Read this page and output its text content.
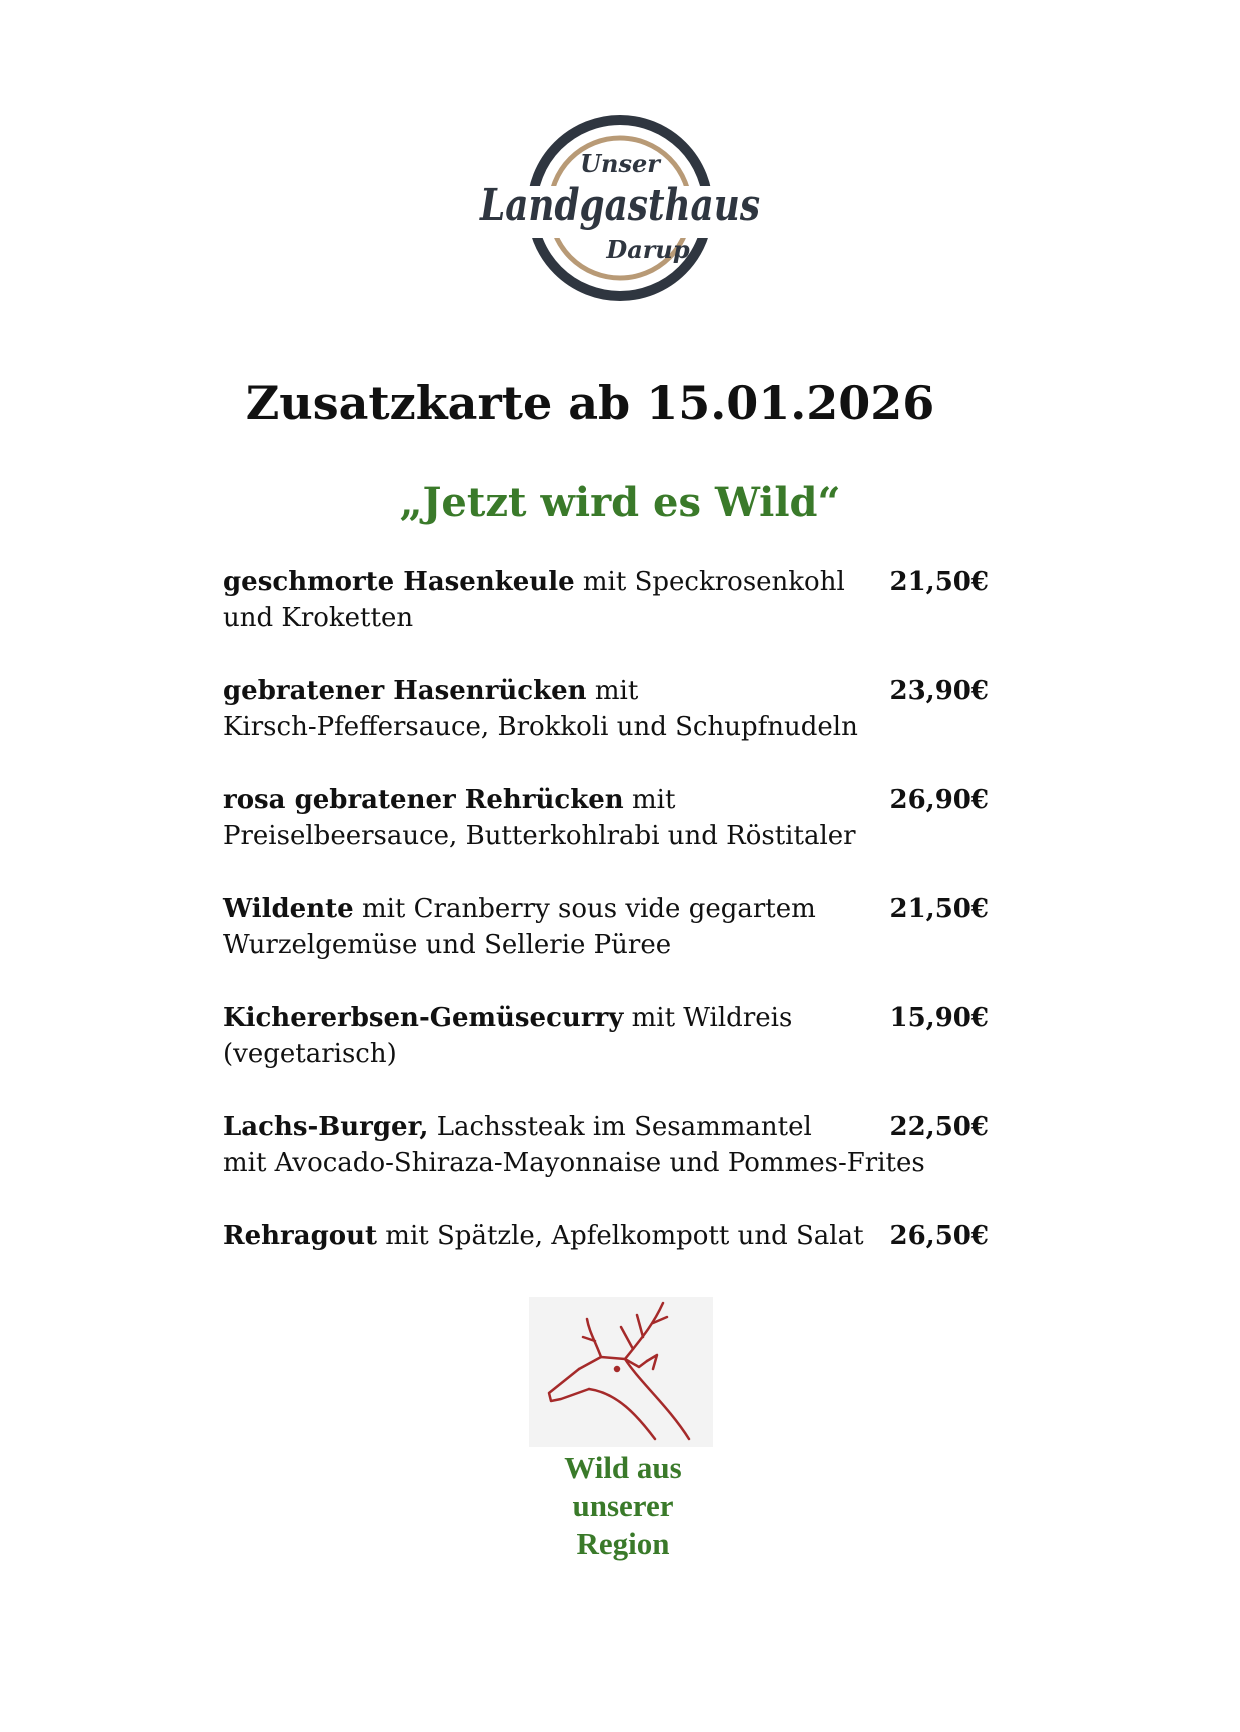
Unser
Landgasthaus
Darup
Zusatzkarte ab 15.01.2026
„Jetzt wird es Wild“
geschmorte Hasenkeule mit Speckrosenkohl
und Kroketten
21,50€
gebratener Hasenrücken mit
Kirsch-Pfeffersauce, Brokkoli und Schupfnudeln
23,90€
rosa gebratener Rehrücken mit
Preiselbeersauce, Butterkohlrabi und Röstitaler
26,90€
Wildente mit Cranberry sous vide gegartem
Wurzelgemüse und Sellerie Püree
21,50€
Kichererbsen-Gemüsecurry mit Wildreis
(vegetarisch)
15,90€
Lachs-Burger, Lachssteak im Sesammantel
mit Avocado-Shiraza-Mayonnaise und Pommes-Frites
22,50€
Rehragout mit Spätzle, Apfelkompott und Salat 26,50€
Wild aus
unserer
Region
